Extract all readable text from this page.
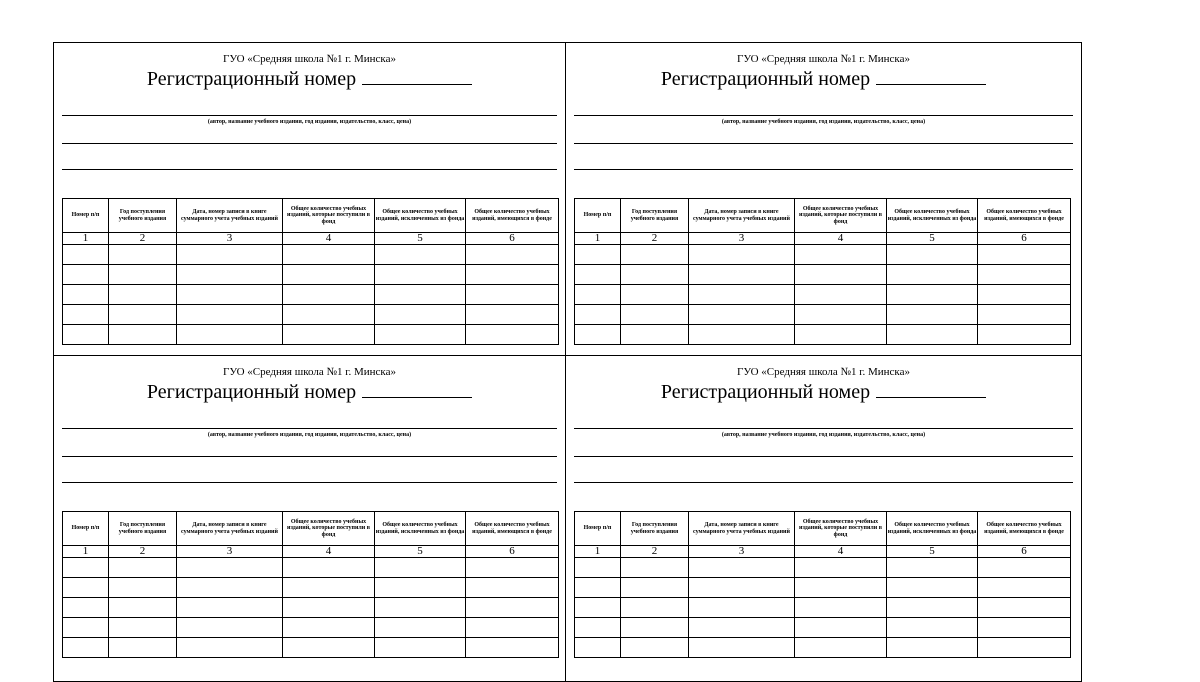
ГУО «Средняя школа №1 г. Минска»
Регистрационный номер
(автор, название учебного издания, год издания, издательство, класс, цена)
Номер п/п	Год поступления учебного издания	Дата, номер записи в книге суммарного учета учебных изданий	Общее количество учебных изданий, которые поступили в фонд	Общее количество учебных изданий, исключенных из фонда	Общее количество учебных изданий, имеющихся в фонде
1	2	3	4	5	6

ГУО «Средняя школа №1 г. Минска»
Регистрационный номер
(автор, название учебного издания, год издания, издательство, класс, цена)
Номер п/п	Год поступления учебного издания	Дата, номер записи в книге суммарного учета учебных изданий	Общее количество учебных изданий, которые поступили в фонд	Общее количество учебных изданий, исключенных из фонда	Общее количество учебных изданий, имеющихся в фонде
1	2	3	4	5	6

ГУО «Средняя школа №1 г. Минска»
Регистрационный номер
(автор, название учебного издания, год издания, издательство, класс, цена)
Номер п/п	Год поступления учебного издания	Дата, номер записи в книге суммарного учета учебных изданий	Общее количество учебных изданий, которые поступили в фонд	Общее количество учебных изданий, исключенных из фонда	Общее количество учебных изданий, имеющихся в фонде
1	2	3	4	5	6

ГУО «Средняя школа №1 г. Минска»
Регистрационный номер
(автор, название учебного издания, год издания, издательство, класс, цена)
Номер п/п	Год поступления учебного издания	Дата, номер записи в книге суммарного учета учебных изданий	Общее количество учебных изданий, которые поступили в фонд	Общее количество учебных изданий, исключенных из фонда	Общее количество учебных изданий, имеющихся в фонде
1	2	3	4	5	6
